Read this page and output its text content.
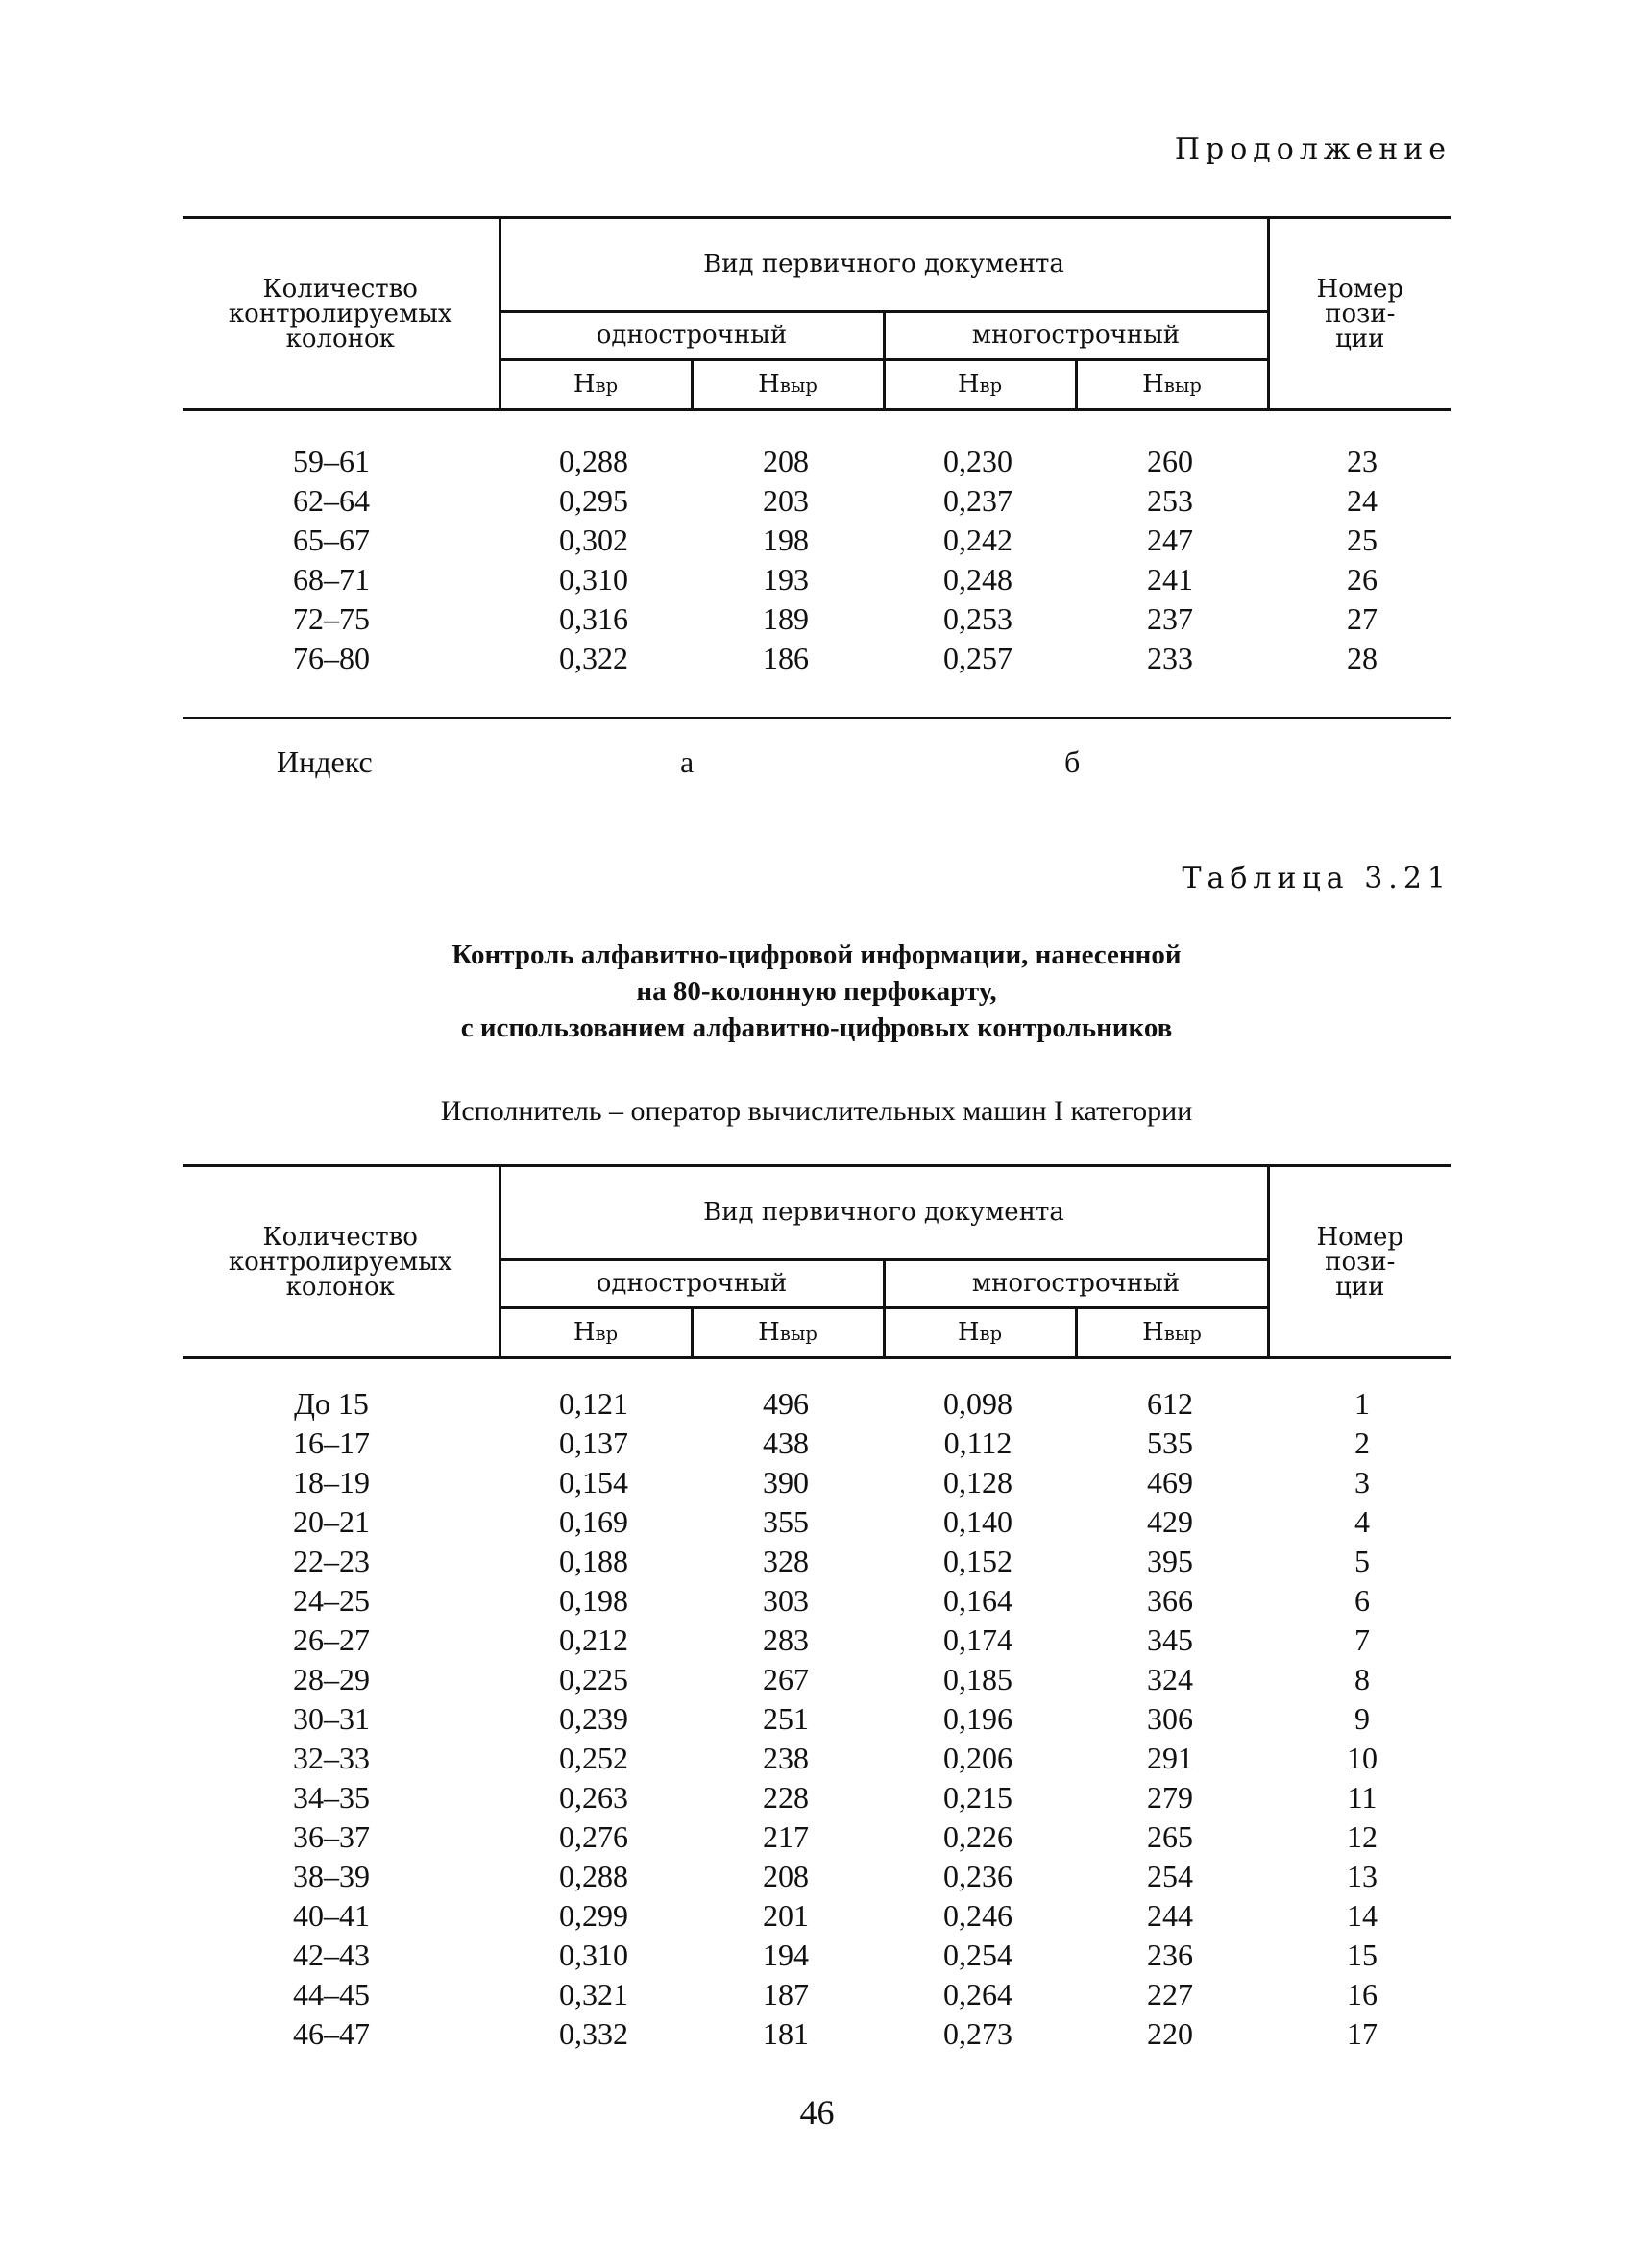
Продолжение
Количество контролируемых колонок	Вид первичного документа				Номер пози-ции
	однострочный		многострочный		
	Нвр	Нвыр	Нвр	Нвыр	
59–61	0,288	208	0,230	260	23
62–64	0,295	203	0,237	253	24
65–67	0,302	198	0,242	247	25
68–71	0,310	193	0,248	241	26
72–75	0,316	189	0,253	237	27
76–80	0,322	186	0,257	233	28
Индекс	а	б
Таблица 3.21
Контроль алфавитно-цифровой информации, нанесенной
на 80-колонную перфокарту,
с использованием алфавитно-цифровых контрольников
Исполнитель – оператор вычислительных машин I категории
Количество контролируемых колонок	Вид первичного документа				Номер пози-ции
	однострочный		многострочный		
	Нвр	Нвыр	Нвр	Нвыр	
До 15	0,121	496	0,098	612	1
16–17	0,137	438	0,112	535	2
18–19	0,154	390	0,128	469	3
20–21	0,169	355	0,140	429	4
22–23	0,188	328	0,152	395	5
24–25	0,198	303	0,164	366	6
26–27	0,212	283	0,174	345	7
28–29	0,225	267	0,185	324	8
30–31	0,239	251	0,196	306	9
32–33	0,252	238	0,206	291	10
34–35	0,263	228	0,215	279	11
36–37	0,276	217	0,226	265	12
38–39	0,288	208	0,236	254	13
40–41	0,299	201	0,246	244	14
42–43	0,310	194	0,254	236	15
44–45	0,321	187	0,264	227	16
46–47	0,332	181	0,273	220	17
46
